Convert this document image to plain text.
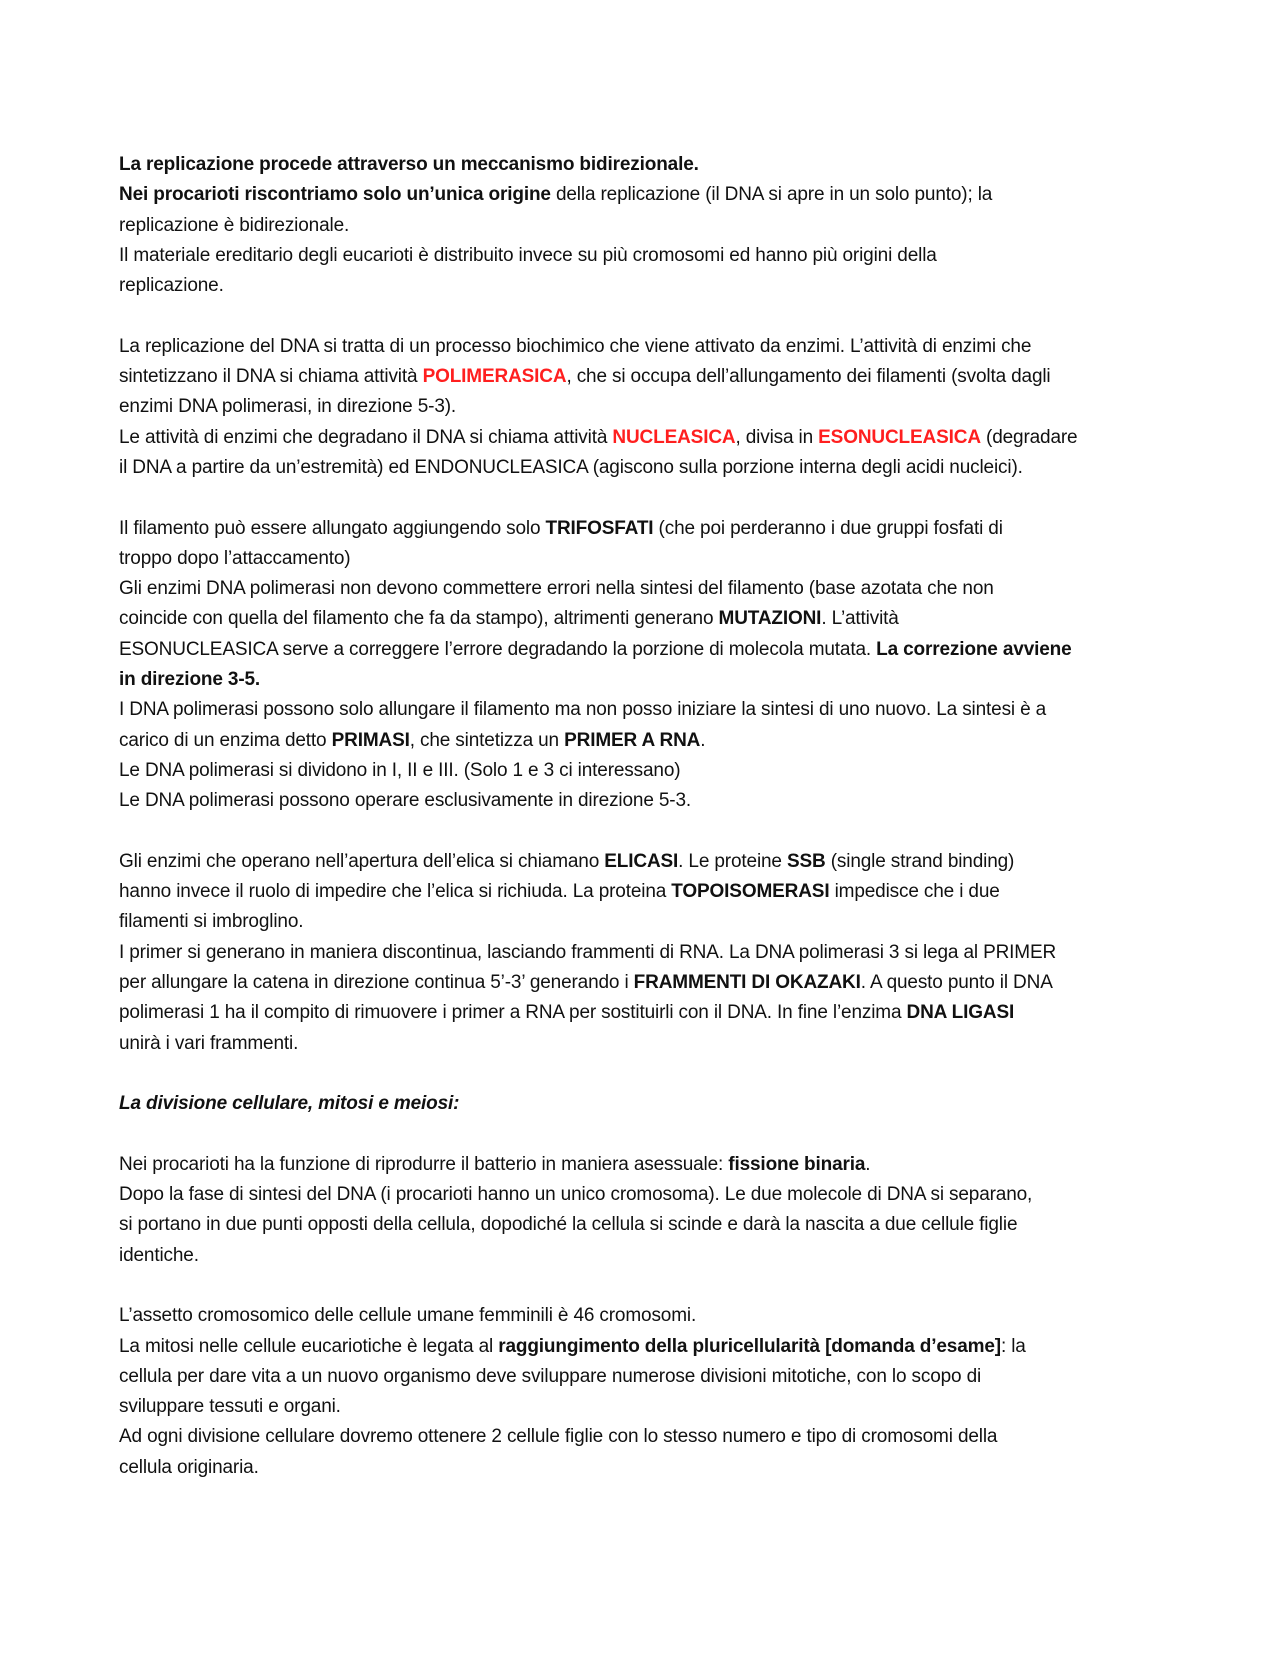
La replicazione procede attraverso un meccanismo bidirezionale.
Nei procarioti riscontriamo solo un’unica origine della replicazione (il DNA si apre in un solo punto); la
replicazione è bidirezionale.
Il materiale ereditario degli eucarioti è distribuito invece su più cromosomi ed hanno più origini della
replicazione.
La replicazione del DNA si tratta di un processo biochimico che viene attivato da enzimi. L’attività di enzimi che
sintetizzano il DNA si chiama attività POLIMERASICA, che si occupa dell’allungamento dei filamenti (svolta dagli
enzimi DNA polimerasi, in direzione 5-3).
Le attività di enzimi che degradano il DNA si chiama attività NUCLEASICA, divisa in ESONUCLEASICA (degradare
il DNA a partire da un’estremità) ed ENDONUCLEASICA (agiscono sulla porzione interna degli acidi nucleici).
Il filamento può essere allungato aggiungendo solo TRIFOSFATI (che poi perderanno i due gruppi fosfati di
troppo dopo l’attaccamento)
Gli enzimi DNA polimerasi non devono commettere errori nella sintesi del filamento (base azotata che non
coincide con quella del filamento che fa da stampo), altrimenti generano MUTAZIONI. L’attività
ESONUCLEASICA serve a correggere l’errore degradando la porzione di molecola mutata. La correzione avviene
in direzione 3-5.
I DNA polimerasi possono solo allungare il filamento ma non posso iniziare la sintesi di uno nuovo. La sintesi è a
carico di un enzima detto PRIMASI, che sintetizza un PRIMER A RNA.
Le DNA polimerasi si dividono in I, II e III. (Solo 1 e 3 ci interessano)
Le DNA polimerasi possono operare esclusivamente in direzione 5-3.
Gli enzimi che operano nell’apertura dell’elica si chiamano ELICASI. Le proteine SSB (single strand binding)
hanno invece il ruolo di impedire che l’elica si richiuda. La proteina TOPOISOMERASI impedisce che i due
filamenti si imbroglino.
I primer si generano in maniera discontinua, lasciando frammenti di RNA. La DNA polimerasi 3 si lega al PRIMER
per allungare la catena in direzione continua 5’-3’ generando i FRAMMENTI DI OKAZAKI. A questo punto il DNA
polimerasi 1 ha il compito di rimuovere i primer a RNA per sostituirli con il DNA. In fine l’enzima DNA LIGASI
unirà i vari frammenti.
La divisione cellulare, mitosi e meiosi:
Nei procarioti ha la funzione di riprodurre il batterio in maniera asessuale: fissione binaria.
Dopo la fase di sintesi del DNA (i procarioti hanno un unico cromosoma). Le due molecole di DNA si separano,
si portano in due punti opposti della cellula, dopodiché la cellula si scinde e darà la nascita a due cellule figlie
identiche.
L’assetto cromosomico delle cellule umane femminili è 46 cromosomi.
La mitosi nelle cellule eucariotiche è legata al raggiungimento della pluricellularità [domanda d’esame]: la
cellula per dare vita a un nuovo organismo deve sviluppare numerose divisioni mitotiche, con lo scopo di
sviluppare tessuti e organi.
Ad ogni divisione cellulare dovremo ottenere 2 cellule figlie con lo stesso numero e tipo di cromosomi della
cellula originaria.
